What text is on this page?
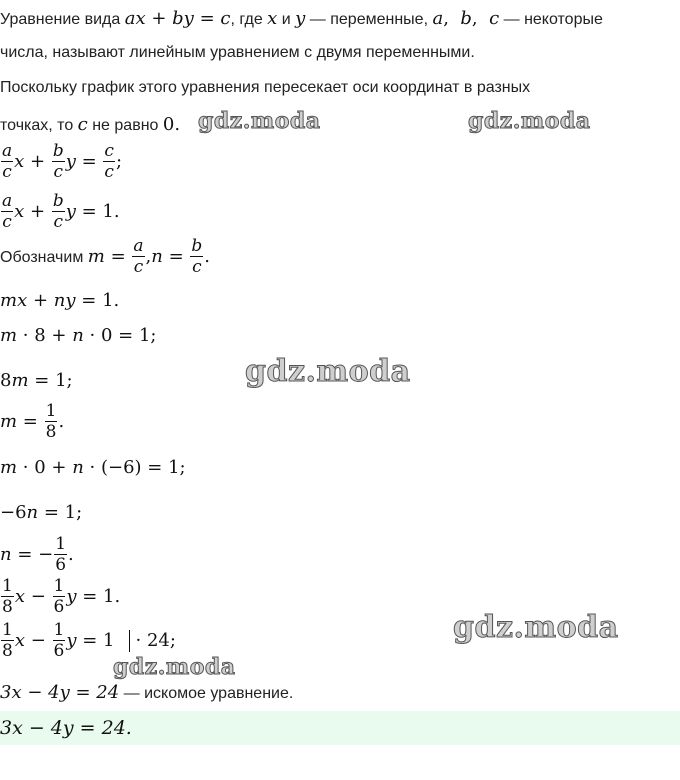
Уравнение вида ax + by = c, где x и y — переменные, a,  b,  c — некоторые
числа, называют линейным уравнением с двумя переменными.
Поскольку график этого уравнения пересекает оси координат в разных
точках, то c не равно 0.
$\frac{a}{c}$ $x + \frac{b}{c}$ $y = \frac{c}{c}$ ;
$\frac{a}{c}$ $x + \frac{b}{c}$ y = 1.
Обозначим $m = \frac{a}{c} ,n = \frac{b}{c}$ .
mx + ny = 1.
m · 8 + n · 0 = 1;
8m = 1;
$m = \frac{1}{8}$ .
m · 0 + n · (−6) = 1;
−6n = 1;
n = − $\frac{1}{6}$ .
$\frac{1}{8}$ $x - \frac{1}{6}$ y = 1.
$\frac{1}{8}$ $x - \frac{1}{6}$ y = 1 · 24;
3x − 4y = 24 — искомое уравнение.
3x − 4y = 24.
gdz.moda	gdz.moda
gdz.moda
gdz.moda
gdz.moda
